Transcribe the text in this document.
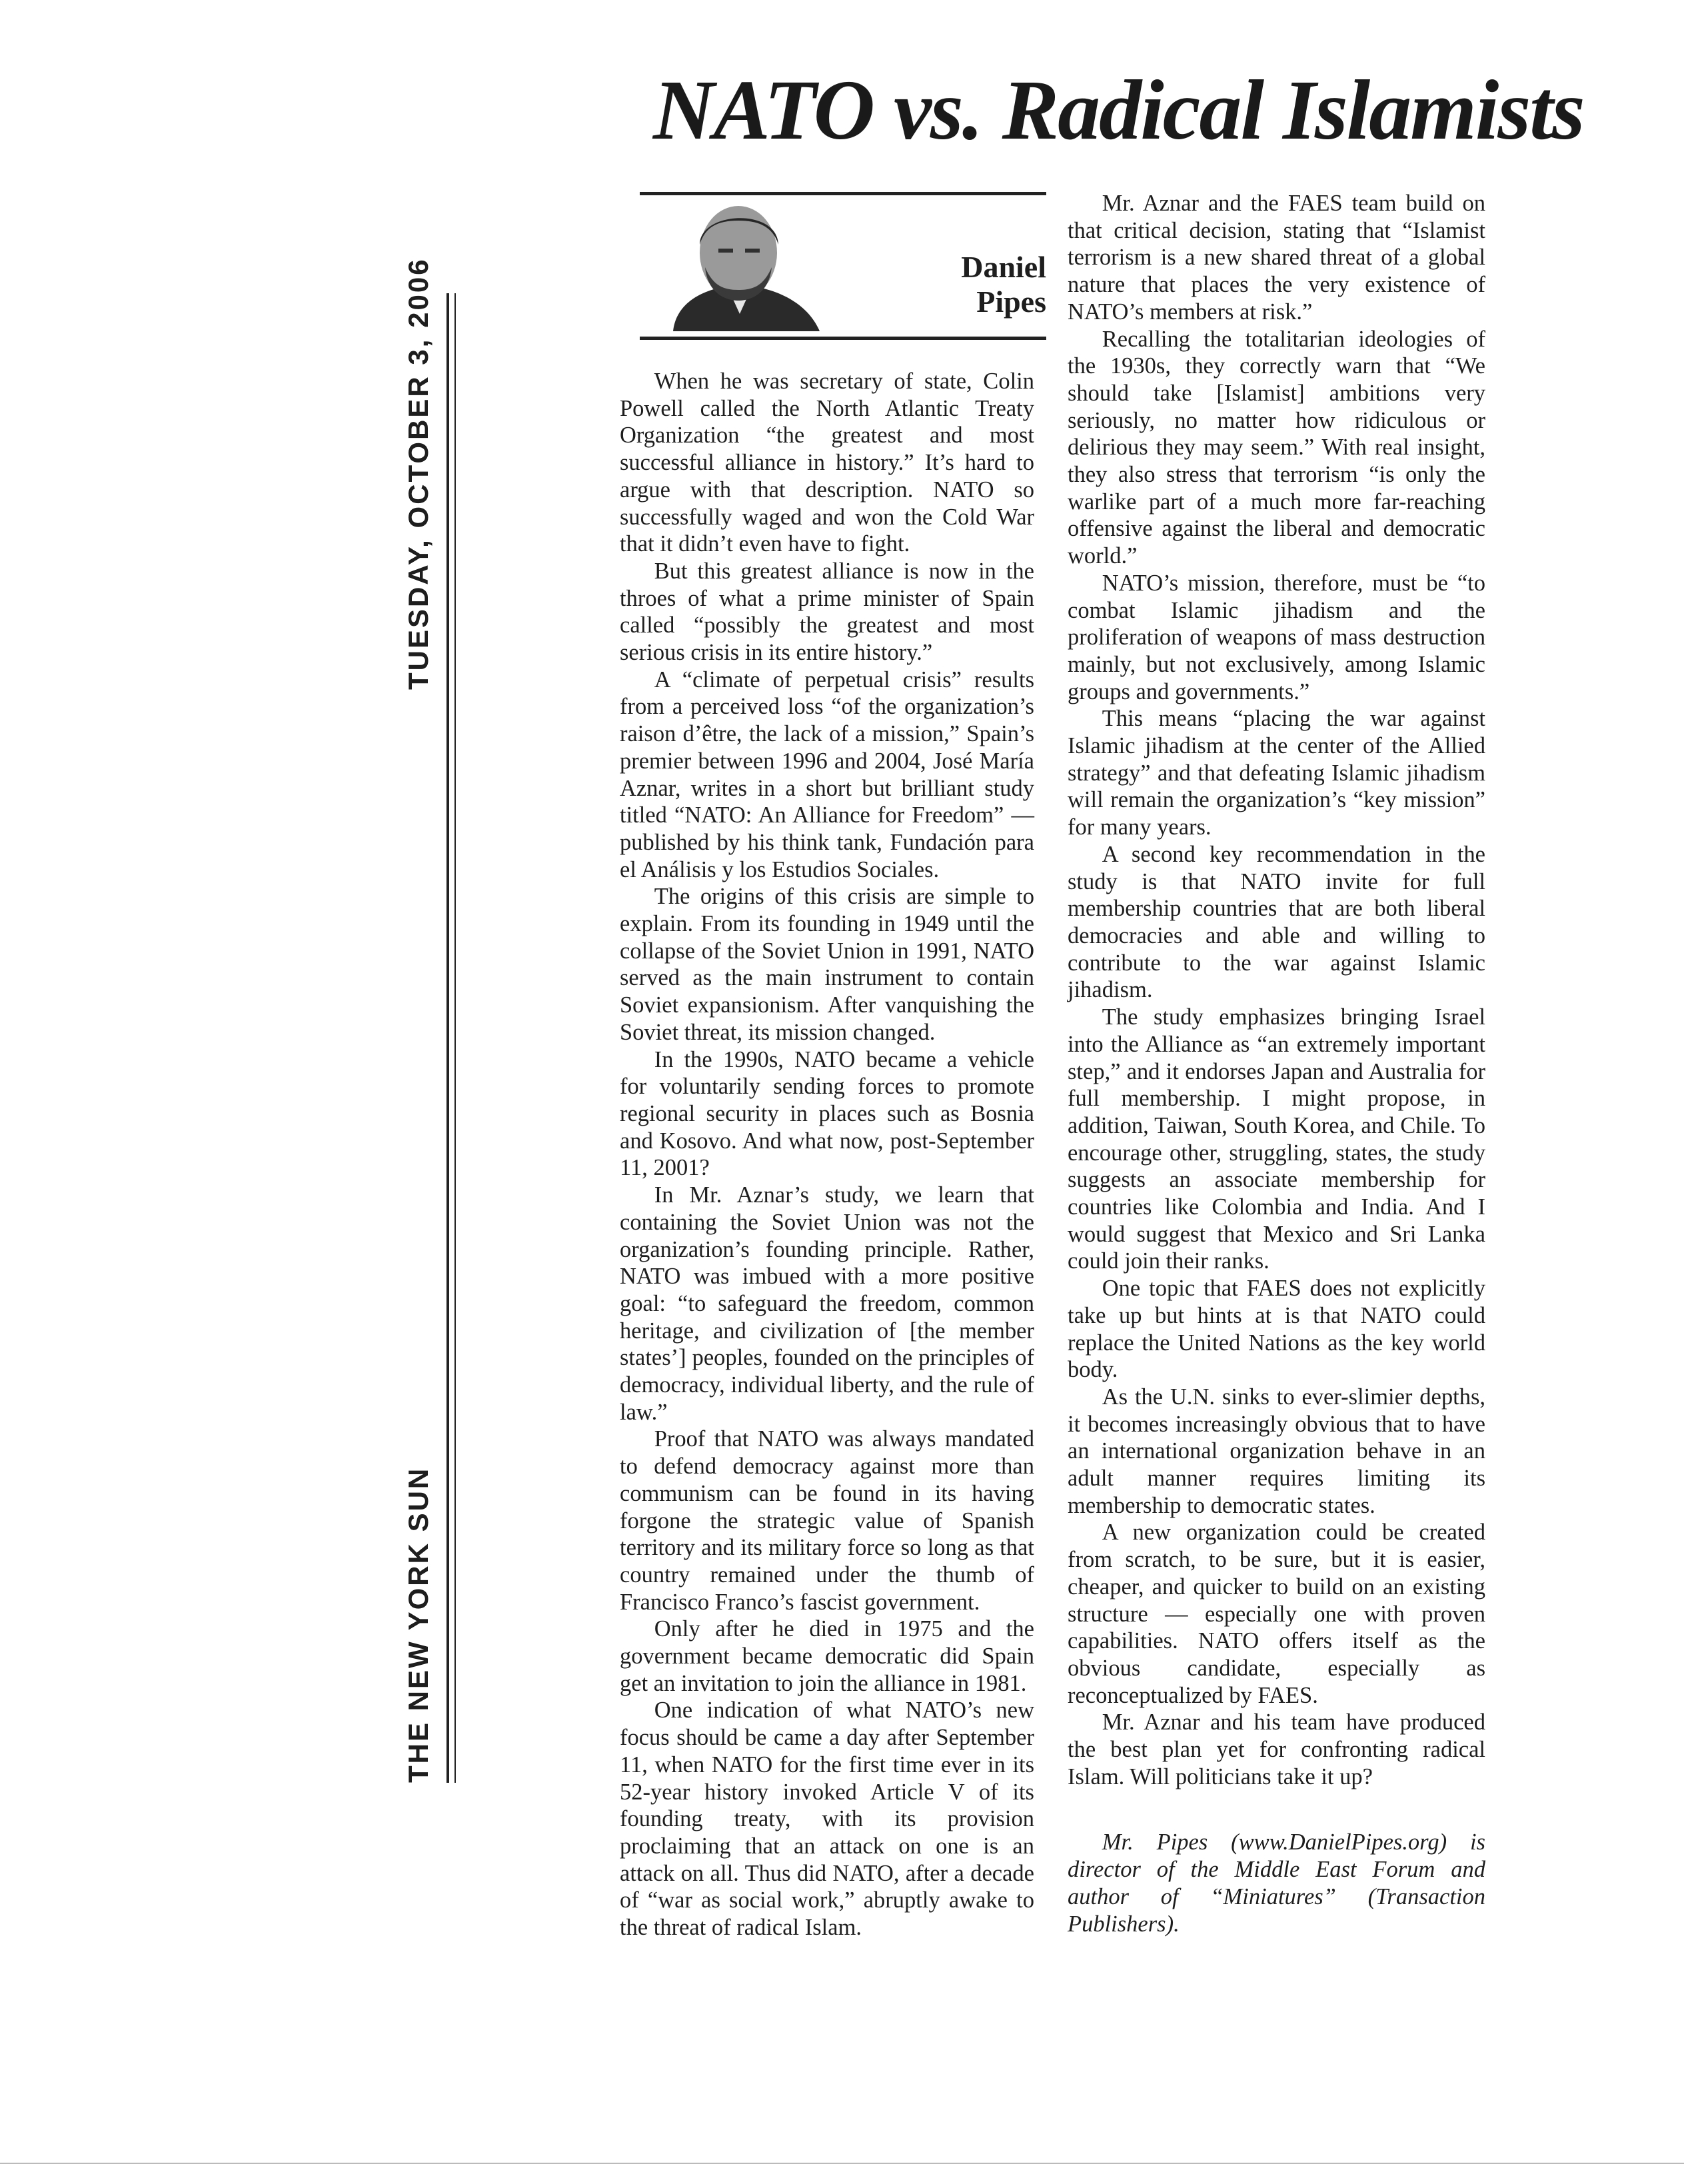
NATO vs. Radical Islamists
TUESDAY, OCTOBER 3, 2006
THE NEW YORK SUN
Daniel
Pipes

When he was secretary of state, Colin Powell called the North Atlantic Treaty Organization “the greatest and most successful alliance in history.” It’s hard to argue with that description. NATO so successfully waged and won the Cold War that it didn’t even have to fight.

But this greatest alliance is now in the throes of what a prime minister of Spain called “possibly the greatest and most serious crisis in its entire history.”

A “climate of perpetual crisis” results from a perceived loss “of the organization’s raison d’être, the lack of a mission,” Spain’s premier between 1996 and 2004, José María Aznar, writes in a short but brilliant study titled “NATO: An Alliance for Freedom” — published by his think tank, Fundación para el Análisis y los Estudios Sociales.

The origins of this crisis are simple to explain. From its founding in 1949 until the collapse of the Soviet Union in 1991, NATO served as the main instrument to contain Soviet expansionism. After vanquishing the Soviet threat, its mission changed.

In the 1990s, NATO became a vehicle for voluntarily sending forces to promote regional security in places such as Bosnia and Kosovo. And what now, post-September 11, 2001?

In Mr. Aznar’s study, we learn that containing the Soviet Union was not the organization’s founding principle. Rather, NATO was imbued with a more positive goal: “to safeguard the freedom, common heritage, and civilization of [the member states’] peoples, founded on the principles of democracy, individual liberty, and the rule of law.”

Proof that NATO was always mandated to defend democracy against more than communism can be found in its having forgone the strategic value of Spanish territory and its military force so long as that country remained under the thumb of Francisco Franco’s fascist government.

Only after he died in 1975 and the government became democratic did Spain get an invitation to join the alliance in 1981.

One indication of what NATO’s new focus should be came a day after September 11, when NATO for the first time ever in its 52-year history invoked Article V of its founding treaty, with its provision proclaiming that an attack on one is an attack on all. Thus did NATO, after a decade of “war as social work,” abruptly awake to the threat of radical Islam.

Mr. Aznar and the FAES team build on that critical decision, stating that “Islamist terrorism is a new shared threat of a global nature that places the very existence of NATO’s members at risk.”

Recalling the totalitarian ideologies of the 1930s, they correctly warn that “We should take [Islamist] ambitions very seriously, no matter how ridiculous or delirious they may seem.” With real insight, they also stress that terrorism “is only the warlike part of a much more far-reaching offensive against the liberal and democratic world.”

NATO’s mission, therefore, must be “to combat Islamic jihadism and the proliferation of weapons of mass destruction mainly, but not exclusively, among Islamic groups and governments.”

This means “placing the war against Islamic jihadism at the center of the Allied strategy” and that defeating Islamic jihadism will remain the organization’s “key mission” for many years.

A second key recommendation in the study is that NATO invite for full membership countries that are both liberal democracies and able and willing to contribute to the war against Islamic jihadism.

The study emphasizes bringing Israel into the Alliance as “an extremely important step,” and it endorses Japan and Australia for full membership. I might propose, in addition, Taiwan, South Korea, and Chile. To encourage other, struggling, states, the study suggests an associate membership for countries like Colombia and India. And I would suggest that Mexico and Sri Lanka could join their ranks.

One topic that FAES does not explicitly take up but hints at is that NATO could replace the United Nations as the key world body.

As the U.N. sinks to ever-slimier depths, it becomes increasingly obvious that to have an international organization behave in an adult manner requires limiting its membership to democratic states.

A new organization could be created from scratch, to be sure, but it is easier, cheaper, and quicker to build on an existing structure — especially one with proven capabilities. NATO offers itself as the obvious candidate, especially as reconceptualized by FAES.

Mr. Aznar and his team have produced the best plan yet for confronting radical Islam. Will politicians take it up?

Mr. Pipes (www.DanielPipes.org) is director of the Middle East Forum and author of “Miniatures” (Transaction Publishers).
